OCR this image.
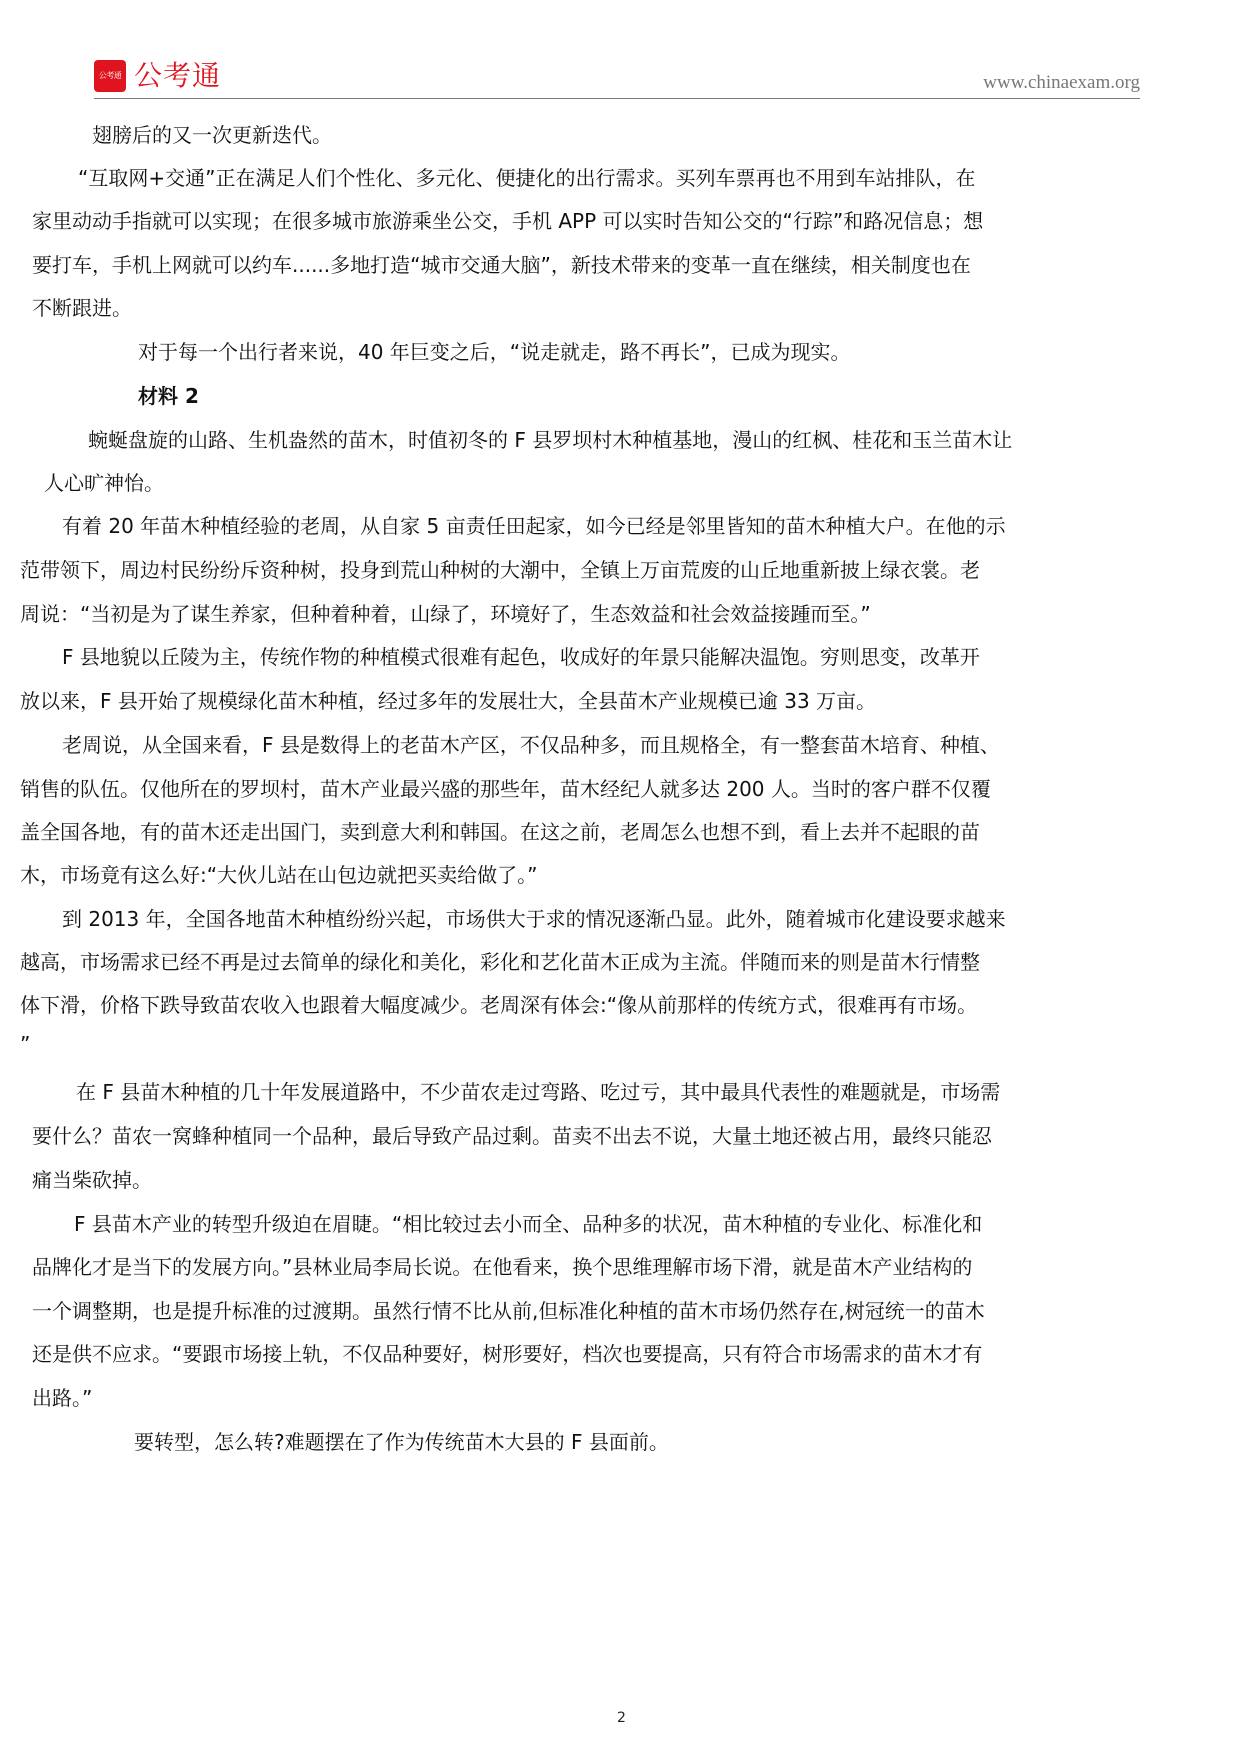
公考通 公考通	www.chinaexam.org
翅膀后的又一次更新迭代。
“互取网+交通”正在满足人们个性化、多元化、便捷化的出行需求。买列车票再也不用到车站排队，在
家里动动手指就可以实现；在很多城市旅游乘坐公交，手机 APP 可以实时告知公交的“行踪”和路况信息；想
要打车，手机上网就可以约车......多地打造“城市交通大脑”，新技术带来的变革一直在继续，相关制度也在
不断跟进。
对于每一个出行者来说，40 年巨变之后，“说走就走，路不再长”，已成为现实。
材料 2
蜿蜒盘旋的山路、生机盎然的苗木，时值初冬的 F 县罗坝村木种植基地，漫山的红枫、桂花和玉兰苗木让
人心旷神怡。
有着 20 年苗木种植经验的老周，从自家 5 亩责任田起家，如今已经是邻里皆知的苗木种植大户。在他的示
范带领下，周边村民纷纷斥资种树，投身到荒山种树的大潮中，全镇上万亩荒废的山丘地重新披上绿衣裳。老
周说：“当初是为了谋生养家，但种着种着，山绿了，环境好了，生态效益和社会效益接踵而至。”
F 县地貌以丘陵为主，传统作物的种植模式很难有起色，收成好的年景只能解决温饱。穷则思变，改革开
放以来，F 县开始了规模绿化苗木种植，经过多年的发展壮大，全县苗木产业规模已逾 33 万亩。
老周说，从全国来看，F 县是数得上的老苗木产区，不仅品种多，而且规格全，有一整套苗木培育、种植、
销售的队伍。仅他所在的罗坝村，苗木产业最兴盛的那些年，苗木经纪人就多达 200 人。当时的客户群不仅覆
盖全国各地，有的苗木还走出国门，卖到意大利和韩国。在这之前，老周怎么也想不到，看上去并不起眼的苗
木，市场竟有这么好:“大伙儿站在山包边就把买卖给做了。”
到 2013 年，全国各地苗木种植纷纷兴起，市场供大于求的情况逐渐凸显。此外，随着城市化建设要求越来
越高，市场需求已经不再是过去简单的绿化和美化，彩化和艺化苗木正成为主流。伴随而来的则是苗木行情整
体下滑，价格下跌导致苗农收入也跟着大幅度减少。老周深有体会:“像从前那样的传统方式，很难再有市场。
”
在 F 县苗木种植的几十年发展道路中，不少苗农走过弯路、吃过亏，其中最具代表性的难题就是，市场需
要什么？苗农一窝蜂种植同一个品种，最后导致产品过剩。苗卖不出去不说，大量土地还被占用，最终只能忍
痛当柴砍掉。
F 县苗木产业的转型升级迫在眉睫。“相比较过去小而全、品种多的状况，苗木种植的专业化、标准化和
品牌化才是当下的发展方向。”县林业局李局长说。在他看来，换个思维理解市场下滑，就是苗木产业结构的
一个调整期，也是提升标准的过渡期。虽然行情不比从前,但标准化种植的苗木市场仍然存在,树冠统一的苗木
还是供不应求。“要跟市场接上轨，不仅品种要好，树形要好，档次也要提高，只有符合市场需求的苗木才有
出路。”
要转型，怎么转?难题摆在了作为传统苗木大县的 F 县面前。
2
